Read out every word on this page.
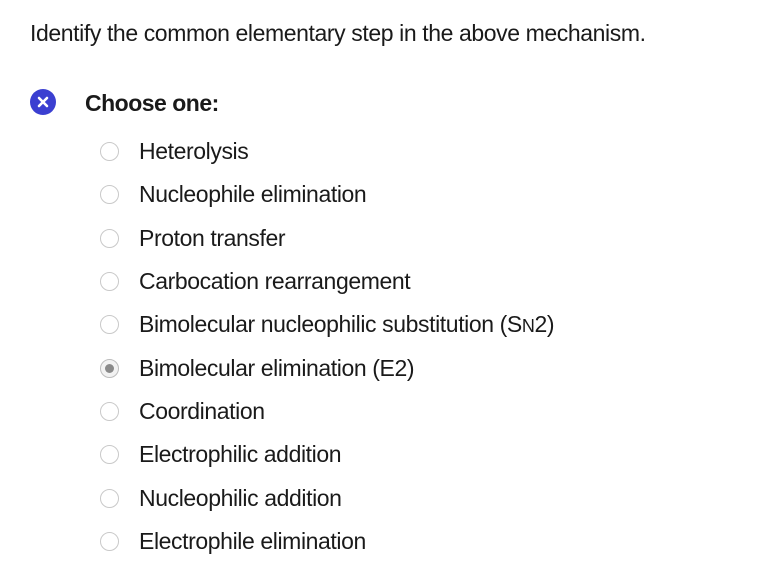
Identify the common elementary step in the above mechanism.
Choose one:
Heterolysis
Nucleophile elimination
Proton transfer
Carbocation rearrangement
Bimolecular nucleophilic substitution (SN2)
Bimolecular elimination (E2)
Coordination
Electrophilic addition
Nucleophilic addition
Electrophile elimination
